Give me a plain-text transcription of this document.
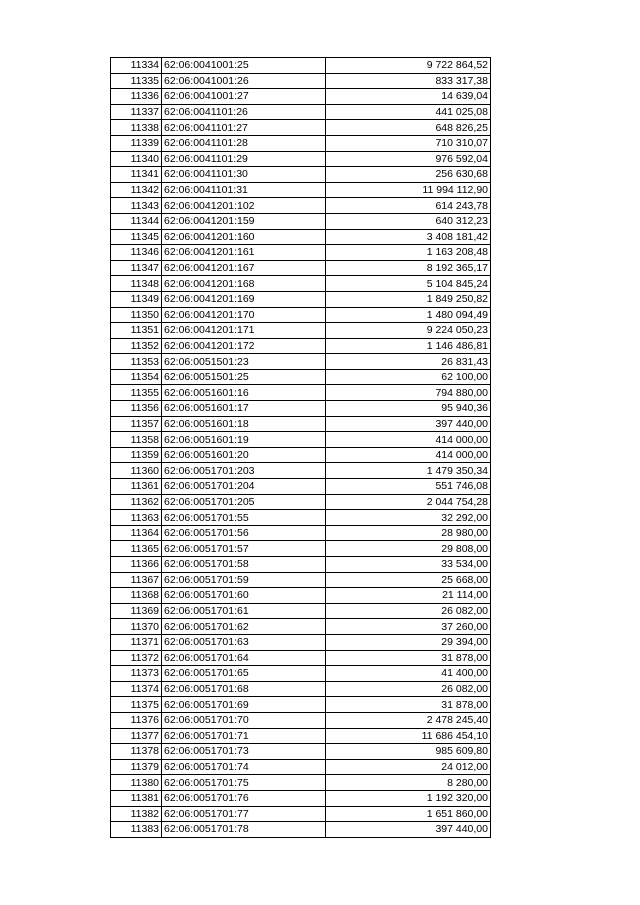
11334	62:06:0041001:25	9 722 864,52
11335	62:06:0041001:26	833 317,38
11336	62:06:0041001:27	14 639,04
11337	62:06:0041101:26	441 025,08
11338	62:06:0041101:27	648 826,25
11339	62:06:0041101:28	710 310,07
11340	62:06:0041101:29	976 592,04
11341	62:06:0041101:30	256 630,68
11342	62:06:0041101:31	11 994 112,90
11343	62:06:0041201:102	614 243,78
11344	62:06:0041201:159	640 312,23
11345	62:06:0041201:160	3 408 181,42
11346	62:06:0041201:161	1 163 208,48
11347	62:06:0041201:167	8 192 365,17
11348	62:06:0041201:168	5 104 845,24
11349	62:06:0041201:169	1 849 250,82
11350	62:06:0041201:170	1 480 094,49
11351	62:06:0041201:171	9 224 050,23
11352	62:06:0041201:172	1 146 486,81
11353	62:06:0051501:23	26 831,43
11354	62:06:0051501:25	62 100,00
11355	62:06:0051601:16	794 880,00
11356	62:06:0051601:17	95 940,36
11357	62:06:0051601:18	397 440,00
11358	62:06:0051601:19	414 000,00
11359	62:06:0051601:20	414 000,00
11360	62:06:0051701:203	1 479 350,34
11361	62:06:0051701:204	551 746,08
11362	62:06:0051701:205	2 044 754,28
11363	62:06:0051701:55	32 292,00
11364	62:06:0051701:56	28 980,00
11365	62:06:0051701:57	29 808,00
11366	62:06:0051701:58	33 534,00
11367	62:06:0051701:59	25 668,00
11368	62:06:0051701:60	21 114,00
11369	62:06:0051701:61	26 082,00
11370	62:06:0051701:62	37 260,00
11371	62:06:0051701:63	29 394,00
11372	62:06:0051701:64	31 878,00
11373	62:06:0051701:65	41 400,00
11374	62:06:0051701:68	26 082,00
11375	62:06:0051701:69	31 878,00
11376	62:06:0051701:70	2 478 245,40
11377	62:06:0051701:71	11 686 454,10
11378	62:06:0051701:73	985 609,80
11379	62:06:0051701:74	24 012,00
11380	62:06:0051701:75	8 280,00
11381	62:06:0051701:76	1 192 320,00
11382	62:06:0051701:77	1 651 860,00
11383	62:06:0051701:78	397 440,00
